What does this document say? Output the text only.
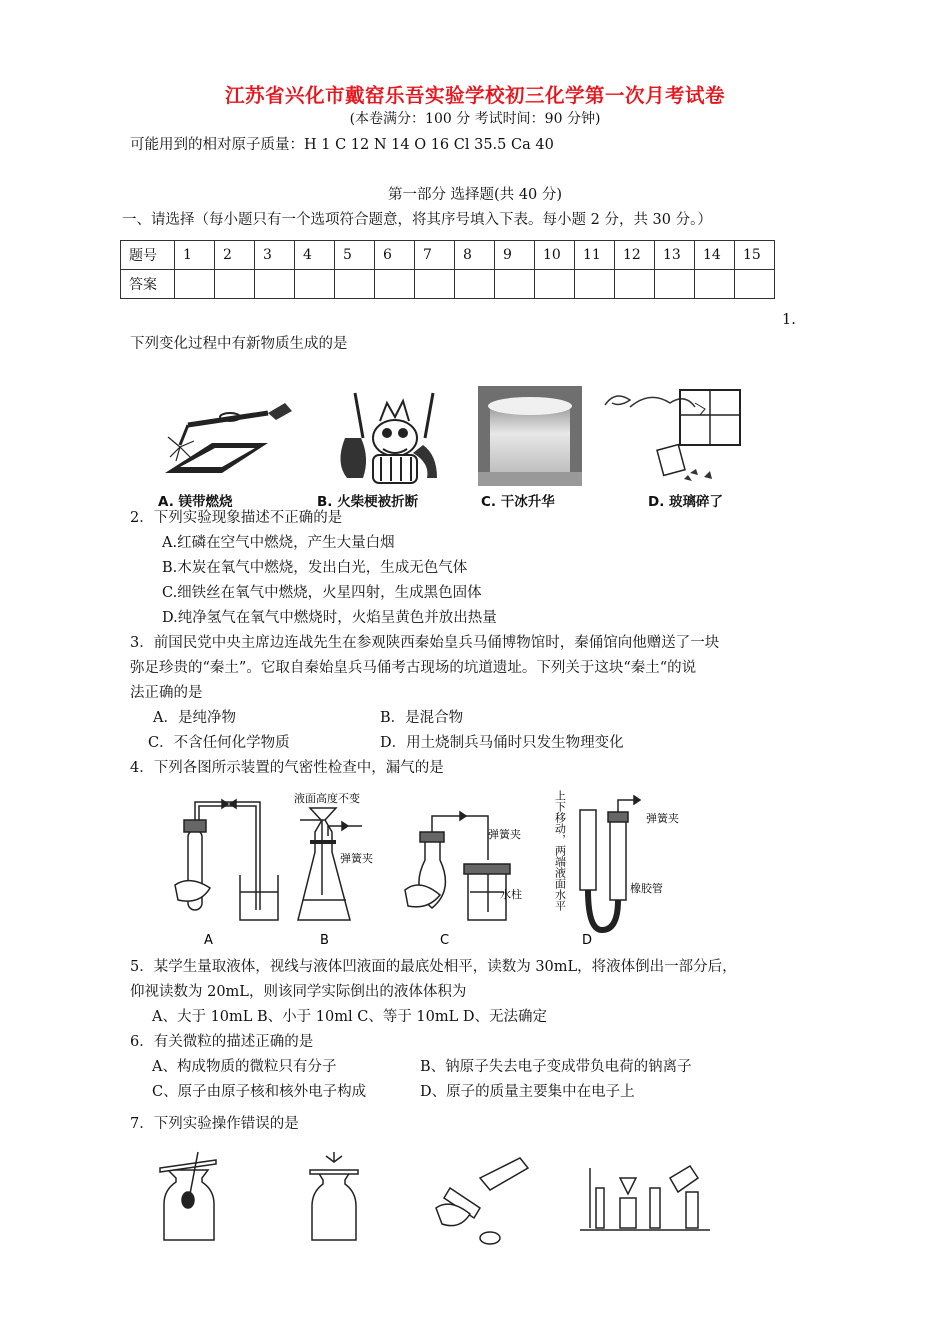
江苏省兴化市戴窑乐吾实验学校初三化学第一次月考试卷
(本卷满分：100 分 考试时间：90 分钟)
可能用到的相对原子质量：H 1 C 12 N 14 O 16 Cl 35.5 Ca 40
第一部分 选择题(共 40 分)
一、请选择（每小题只有一个选项符合题意，将其序号填入下表。每小题 2 分，共 30 分。）
题号	1	2	3	4	5	6	7	8	9	10	11	12	13	14	15
答案															
1.
下列变化过程中有新物质生成的是
A. 镁带燃烧	B. 火柴梗被折断	C. 干冰升华	D. 玻璃碎了
2．下列实验现象描述不正确的是
A.红磷在空气中燃烧，产生大量白烟
B.木炭在氧气中燃烧，发出白光，生成无色气体
C.细铁丝在氧气中燃烧，火星四射，生成黑色固体
D.纯净氢气在氧气中燃烧时，火焰呈黄色并放出热量
3．前国民党中央主席边连战先生在参观陕西秦始皇兵马俑博物馆时，秦俑馆向他赠送了一块
弥足珍贵的“秦土”。它取自秦始皇兵马俑考古现场的坑道遗址。下列关于这块“秦土“的说
法正确的是
A．是纯净物	B．是混合物
C．不含任何化学物质	D．用土烧制兵马俑时只发生物理变化
4．下列各图所示装置的气密性检查中，漏气的是
A
液面高度不变
弹簧夹
B
弹簧夹
水柱
C
弹簧夹
橡胶管
上下移动，两端液面水平
D
5．某学生量取液体，视线与液体凹液面的最底处相平，读数为 30mL，将液体倒出一部分后，
仰视读数为 20mL，则该同学实际倒出的液体体积为
A、大于 10mL B、小于 10ml C、等于 10mL D、无法确定
6．有关微粒的描述正确的是
A、构成物质的微粒只有分子	B、钠原子失去电子变成带负电荷的钠离子
C、原子由原子核和核外电子构成	D、原子的质量主要集中在电子上
7．下列实验操作错误的是
